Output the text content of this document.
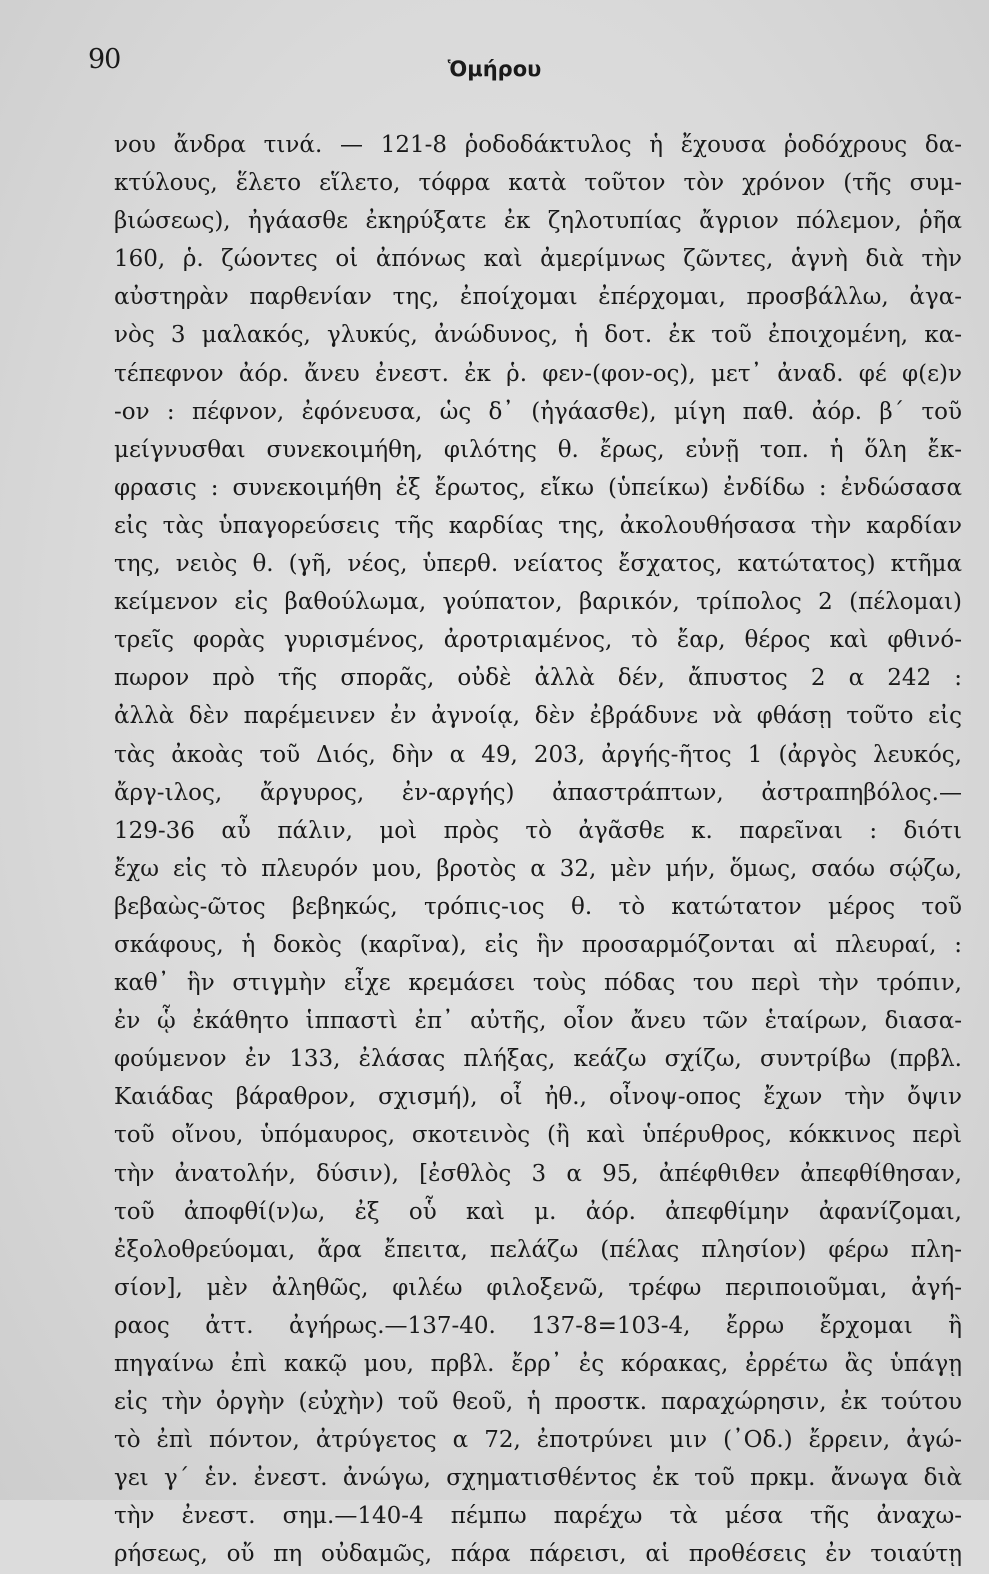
90	Ὁμήρου
νου ἄνδρα τινά. — 121-8 ῥοδοδάκτυλος ἡ ἔχουσα ῥοδόχρους δα-
κτύλους, ἕλετο εἵλετο, τόφρα κατὰ τοῦτον τὸν χρόνον (τῆς συμ-
βιώσεως), ἠγάασθε ἐκηρύξατε ἐκ ζηλοτυπίας ἄγριον πόλεμον, ῥῆα
160, ῥ. ζώοντες οἱ ἀπόνως καὶ ἀμερίμνως ζῶντες, ἁγνὴ διὰ τὴν
αὐστηρὰν παρθενίαν της, ἐποίχομαι ἐπέρχομαι, προσβάλλω, ἀγα-
νὸς 3 μαλακός, γλυκύς, ἀνώδυνος, ἡ δοτ. ἐκ τοῦ ἐποιχομένη, κα-
τέπεφνον ἀόρ. ἄνευ ἐνεστ. ἐκ ῥ. φεν-(φον-ος), μετ᾿ ἀναδ. φέ φ(ε)ν
-ον : πέφνον, ἐφόνευσα, ὡς δ᾿ (ἠγάασθε), μίγη παθ. ἀόρ. β΄ τοῦ
μείγνυσθαι συνεκοιμήθη, φιλότης θ. ἔρως, εὐνῇ τοπ. ἡ ὅλη ἔκ-
φρασις : συνεκοιμήθη ἐξ ἔρωτος, εἴκω (ὑπείκω) ἐνδίδω : ἐνδώσασα
εἰς τὰς ὑπαγορεύσεις τῆς καρδίας της, ἀκολουθήσασα τὴν καρδίαν
της, νειὸς θ. (γῆ, νέος, ὑπερθ. νείατος ἔσχατος, κατώτατος) κτῆμα
κείμενον εἰς βαθούλωμα, γούπατον, βαρικόν, τρίπολος 2 (πέλομαι)
τρεῖς φορὰς γυρισμένος, ἀροτριαμένος, τὸ ἔαρ, θέρος καὶ φθινό-
πωρον πρὸ τῆς σπορᾶς, οὐδὲ ἀλλὰ δέν, ἄπυστος 2 α 242 :
ἀλλὰ δὲν παρέμεινεν ἐν ἀγνοίᾳ, δὲν ἐβράδυνε νὰ φθάσῃ τοῦτο εἰς
τὰς ἀκοὰς τοῦ Διός, δὴν α 49, 203, ἀργής-ῆτος 1 (ἀργὸς λευκός,
ἄργ-ιλος, ἄργυρος, ἐν-αργής) ἀπαστράπτων, ἀστραπηβόλος.—
129-36 αὖ πάλιν, μοὶ πρὸς τὸ ἀγᾶσθε κ. παρεῖναι : διότι
ἔχω εἰς τὸ πλευρόν μου, βροτὸς α 32, μὲν μήν, ὅμως, σαόω σῴζω,
βεβαὼς-ῶτος βεβηκώς, τρόπις-ιος θ. τὸ κατώτατον μέρος τοῦ
σκάφους, ἡ δοκὸς (καρῖνα), εἰς ἣν προσαρμόζονται αἱ πλευραί, :
καθ᾿ ἣν στιγμὴν εἶχε κρεμάσει τοὺς πόδας του περὶ τὴν τρόπιν,
ἐν ᾧ ἐκάθητο ἱππαστὶ ἐπ᾿ αὐτῆς, οἶον ἄνευ τῶν ἑταίρων, διασα-
φούμενον ἐν 133, ἐλάσας πλήξας, κεάζω σχίζω, συντρίβω (πρβλ.
Καιάδας βάραθρον, σχισμή), οἶ ἠθ., οἶνοψ-οπος ἔχων τὴν ὄψιν
τοῦ οἴνου, ὑπόμαυρος, σκοτεινὸς (ἢ καὶ ὑπέρυθρος, κόκκινος περὶ
τὴν ἀνατολήν, δύσιν), [ἐσθλὸς 3 α 95, ἀπέφθιθεν ἀπεφθίθησαν,
τοῦ ἀποφθί(ν)ω, ἐξ οὗ καὶ μ. ἀόρ. ἀπεφθίμην ἀφανίζομαι,
ἐξολοθρεύομαι, ἄρα ἔπειτα, πελάζω (πέλας πλησίον) φέρω πλη-
σίον], μὲν ἀληθῶς, φιλέω φιλοξενῶ, τρέφω περιποιοῦμαι, ἀγή-
ραος ἀττ. ἀγήρως.—137-40. 137-8=103-4, ἔρρω ἔρχομαι ἢ
πηγαίνω ἐπὶ κακῷ μου, πρβλ. ἔρρ᾿ ἐς κόρακας, ἐρρέτω ἂς ὑπάγῃ
εἰς τὴν ὀργὴν (εὐχὴν) τοῦ θεοῦ, ἡ προστκ. παραχώρησιν, ἐκ τούτου
τὸ ἐπὶ πόντον, ἀτρύγετος α 72, ἐποτρύνει μιν (᾿Οδ.) ἔρρειν, ἀγώ-
γει γ΄ ἑν. ἐνεστ. ἀνώγω, σχηματισθέντος ἐκ τοῦ πρκμ. ἄνωγα διὰ
τὴν ἐνεστ. σημ.—140-4 πέμπω παρέχω τὰ μέσα τῆς ἀναχω-
ρήσεως, οὔ πη οὐδαμῶς, πάρα πάρεισι, αἱ προθέσεις ἐν τοιαύτῃ
